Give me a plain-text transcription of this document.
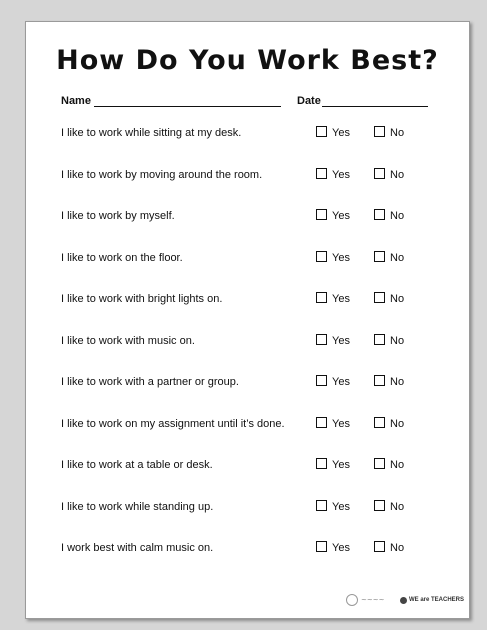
How Do You Work Best?
Name	Date
~~~~	WE are TEACHERS
I like to work while sitting at my desk.	Yes	No
I like to work by moving around the room.	Yes	No
I like to work by myself.	Yes	No
I like to work on the floor.	Yes	No
I like to work with bright lights on.	Yes	No
I like to work with music on.	Yes	No
I like to work with a partner or group.	Yes	No
I like to work on my assignment until it’s done.	Yes	No
I like to work at a table or desk.	Yes	No
I like to work while standing up.	Yes	No
I work best with calm music on.	Yes	No
